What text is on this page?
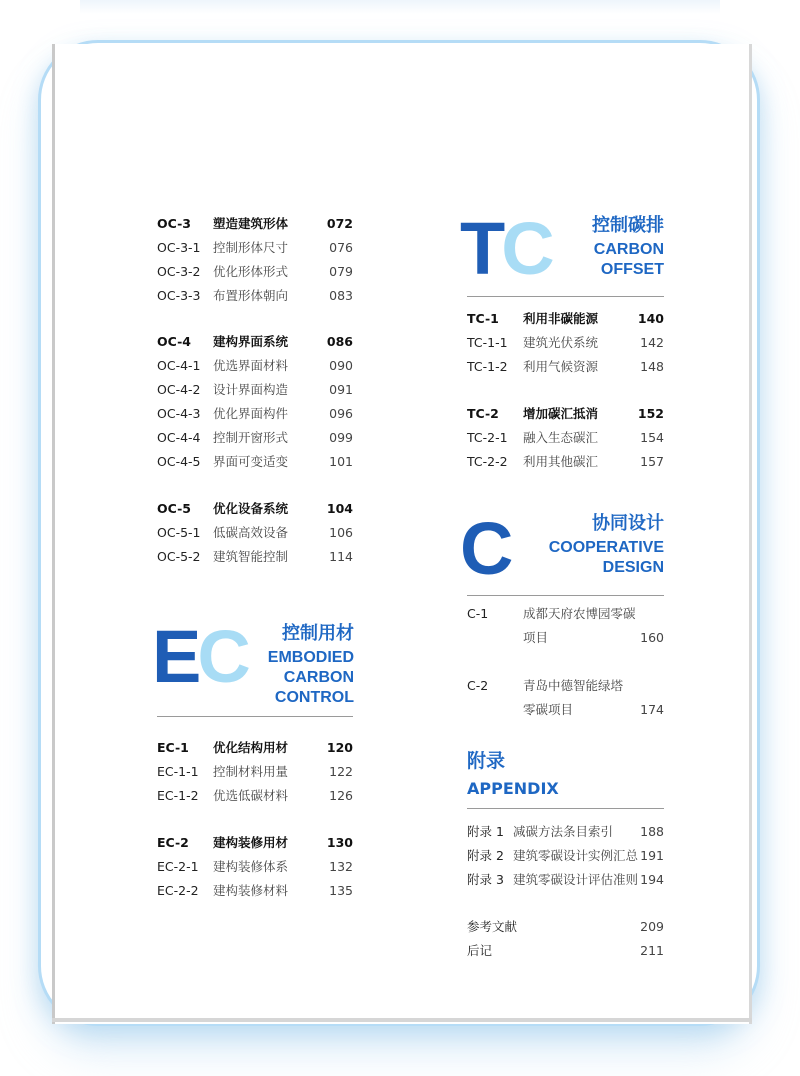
OC-3 塑造建筑形体	072
OC-3-1 控制形体尺寸	076
OC-3-2 优化形体形式	079
OC-3-3 布置形体朝向	083
OC-4 建构界面系统	086
OC-4-1 优选界面材料	090
OC-4-2 设计界面构造	091
OC-4-3 优化界面构件	096
OC-4-4 控制开窗形式	099
OC-4-5 界面可变适变	101
OC-5 优化设备系统	104
OC-5-1 低碳高效设备	106
OC-5-2 建筑智能控制	114
EC	控制用材
EMBODIED
CARBON
CONTROL
EC-1 优化结构用材	120
EC-1-1 控制材料用量	122
EC-1-2 优选低碳材料	126
EC-2 建构装修用材	130
EC-2-1 建构装修体系	132
EC-2-2 建构装修材料	135
TC	控制碳排
CARBON
OFFSET
TC-1 利用非碳能源	140
TC-1-1 建筑光伏系统	142
TC-1-2 利用气候资源	148
TC-2 增加碳汇抵消	152
TC-2-1 融入生态碳汇	154
TC-2-2 利用其他碳汇	157
C	协同设计
COOPERATIVE
DESIGN
C-1	成都天府农博园零碳
项目	160
C-2	青岛中德智能绿塔
零碳项目	174
附录
APPENDIX
附录 1 减碳方法条目索引 188
附录 2 建筑零碳设计实例汇总 191
附录 3 建筑零碳设计评估准则 194
参考文献	209
后记	211
